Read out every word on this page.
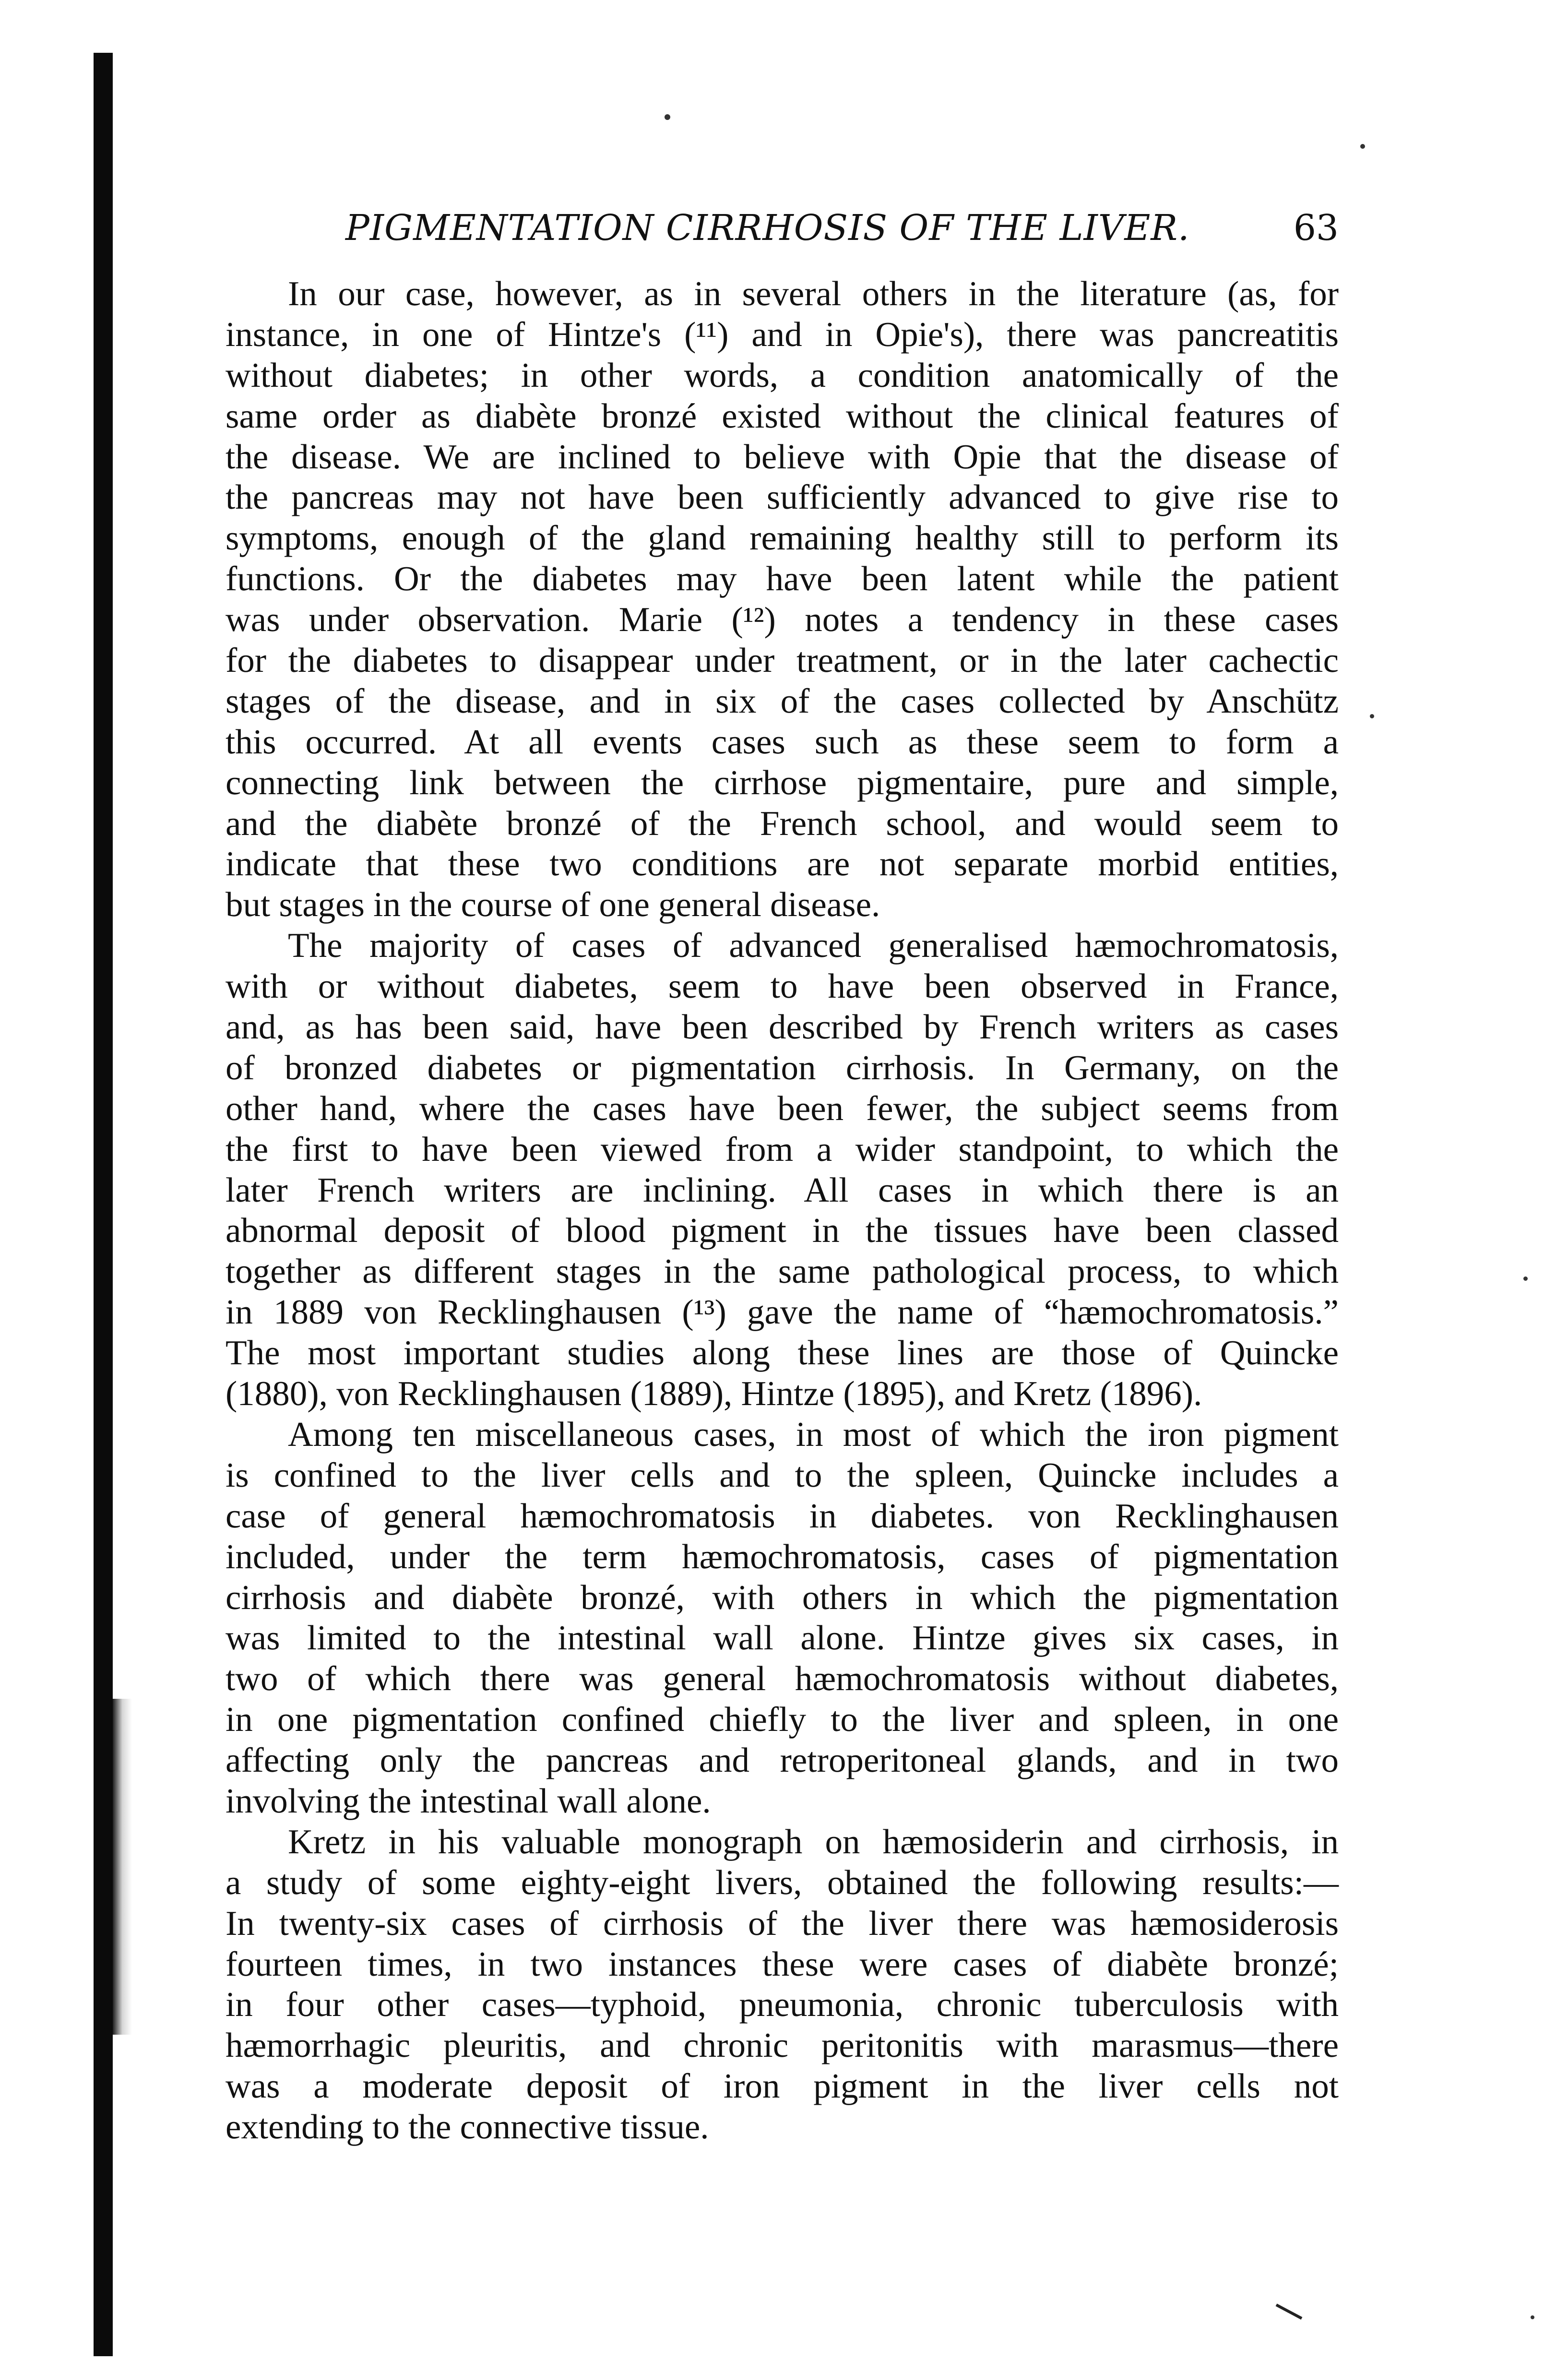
PIGMENTATION CIRRHOSIS OF THE LIVER.	63
In our case, however, as in several others in the literature (as, for
instance, in one of Hintze's (¹¹) and in Opie's), there was pancreatitis
without diabetes; in other words, a condition anatomically of the
same order as diabète bronzé existed without the clinical features of
the disease. We are inclined to believe with Opie that the disease of
the pancreas may not have been sufficiently advanced to give rise to
symptoms, enough of the gland remaining healthy still to perform its
functions. Or the diabetes may have been latent while the patient
was under observation. Marie (¹²) notes a tendency in these cases
for the diabetes to disappear under treatment, or in the later cachectic
stages of the disease, and in six of the cases collected by Anschütz
this occurred. At all events cases such as these seem to form a
connecting link between the cirrhose pigmentaire, pure and simple,
and the diabète bronzé of the French school, and would seem to
indicate that these two conditions are not separate morbid entities,
but stages in the course of one general disease.
The majority of cases of advanced generalised hæmochromatosis,
with or without diabetes, seem to have been observed in France,
and, as has been said, have been described by French writers as cases
of bronzed diabetes or pigmentation cirrhosis. In Germany, on the
other hand, where the cases have been fewer, the subject seems from
the first to have been viewed from a wider standpoint, to which the
later French writers are inclining. All cases in which there is an
abnormal deposit of blood pigment in the tissues have been classed
together as different stages in the same pathological process, to which
in 1889 von Recklinghausen (¹³) gave the name of “hæmochromatosis.”
The most important studies along these lines are those of Quincke
(1880), von Recklinghausen (1889), Hintze (1895), and Kretz (1896).
Among ten miscellaneous cases, in most of which the iron pigment
is confined to the liver cells and to the spleen, Quincke includes a
case of general hæmochromatosis in diabetes. von Recklinghausen
included, under the term hæmochromatosis, cases of pigmentation
cirrhosis and diabète bronzé, with others in which the pigmentation
was limited to the intestinal wall alone. Hintze gives six cases, in
two of which there was general hæmochromatosis without diabetes,
in one pigmentation confined chiefly to the liver and spleen, in one
affecting only the pancreas and retroperitoneal glands, and in two
involving the intestinal wall alone.
Kretz in his valuable monograph on hæmosiderin and cirrhosis, in
a study of some eighty-eight livers, obtained the following results:—
In twenty-six cases of cirrhosis of the liver there was hæmosiderosis
fourteen times, in two instances these were cases of diabète bronzé;
in four other cases—typhoid, pneumonia, chronic tuberculosis with
hæmorrhagic pleuritis, and chronic peritonitis with marasmus—there
was a moderate deposit of iron pigment in the liver cells not
extending to the connective tissue.
